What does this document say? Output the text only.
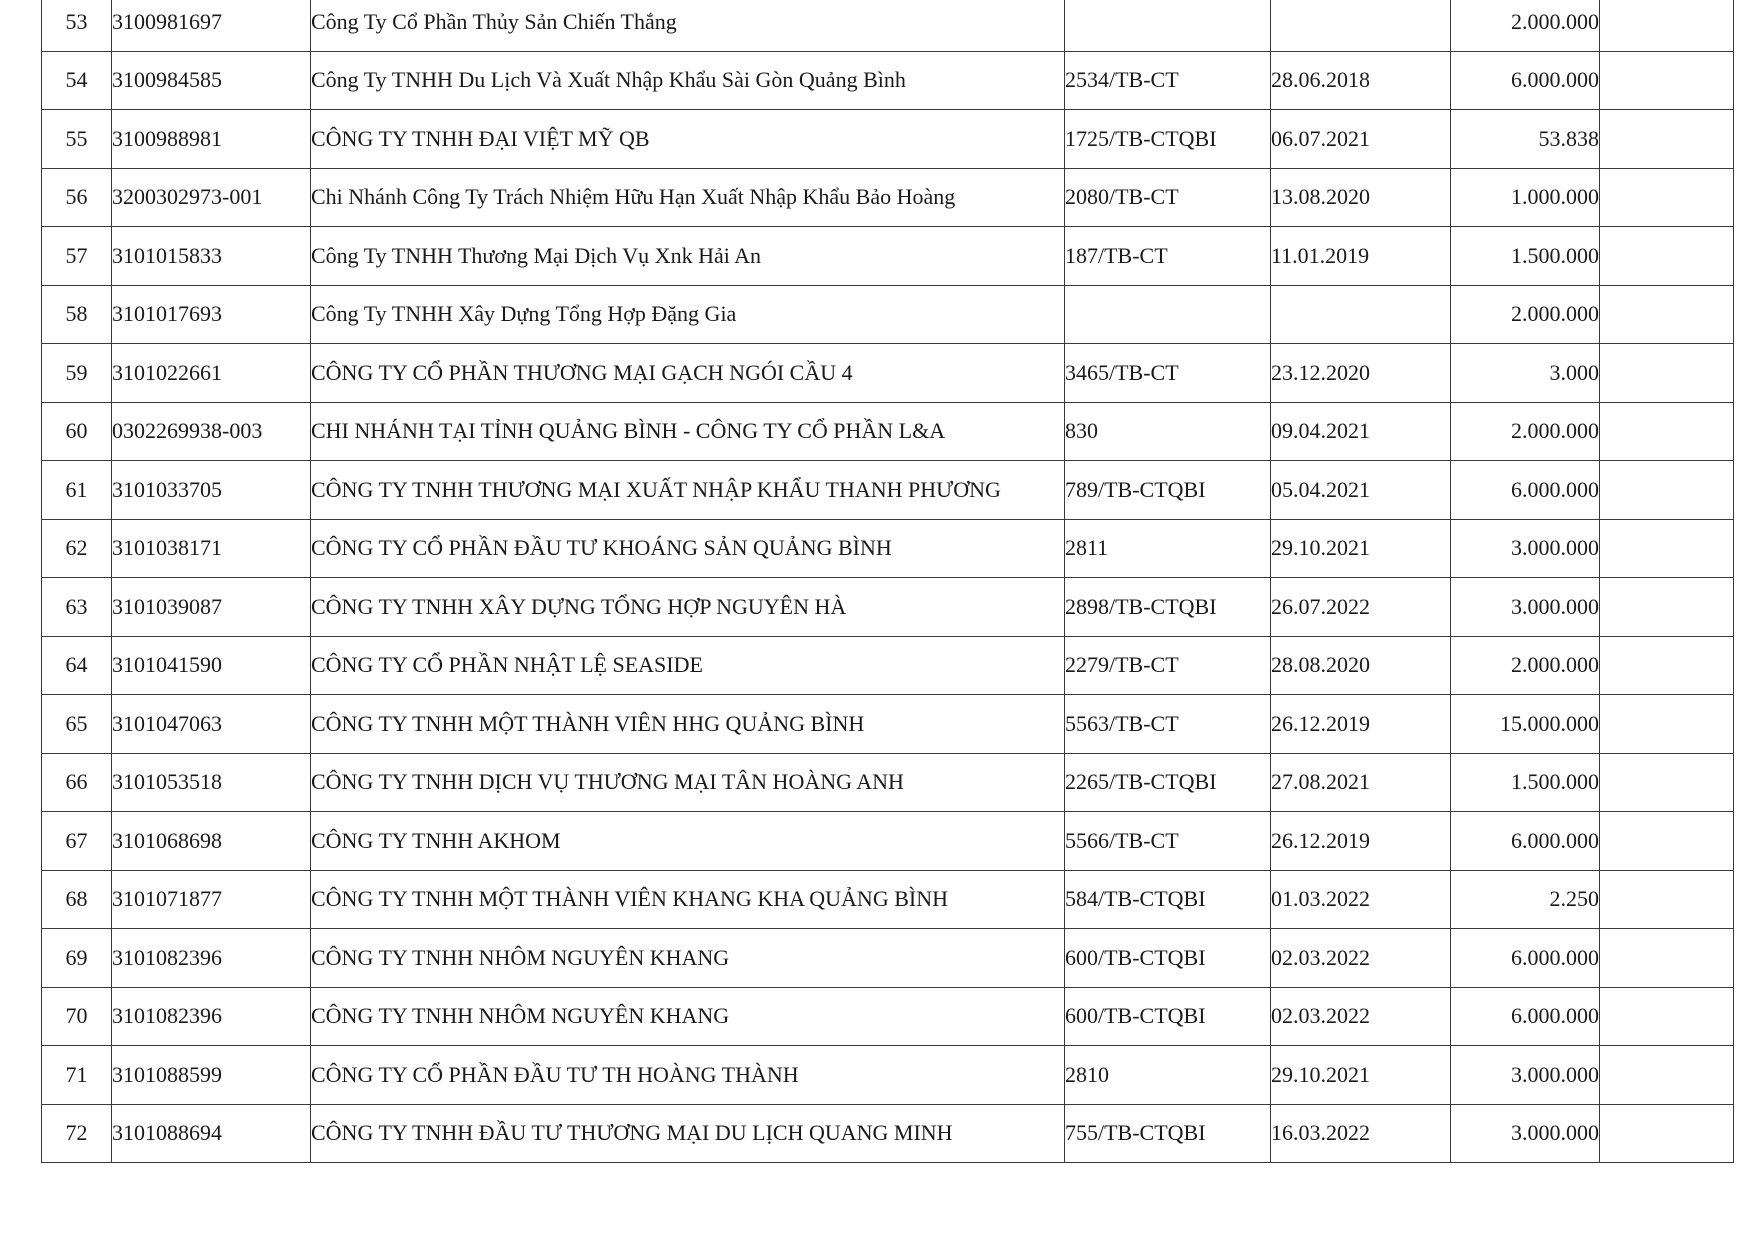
53	3100981697	Công Ty Cổ Phần Thủy Sản Chiến Thắng			2.000.000	
54	3100984585	Công Ty TNHH Du Lịch Và Xuất Nhập Khẩu Sài Gòn Quảng Bình	2534/TB-CT	28.06.2018	6.000.000	
55	3100988981	CÔNG TY TNHH ĐẠI VIỆT MỸ QB	1725/TB-CTQBI	06.07.2021	53.838	
56	3200302973-001	Chi Nhánh Công Ty Trách Nhiệm Hữu Hạn Xuất Nhập Khẩu Bảo Hoàng	2080/TB-CT	13.08.2020	1.000.000	
57	3101015833	Công Ty TNHH Thương Mại Dịch Vụ Xnk Hải An	187/TB-CT	11.01.2019	1.500.000	
58	3101017693	Công Ty TNHH Xây Dựng Tổng Hợp Đặng Gia			2.000.000	
59	3101022661	CÔNG TY CỔ PHẦN THƯƠNG MẠI GẠCH NGÓI CẦU 4	3465/TB-CT	23.12.2020	3.000	
60	0302269938-003	CHI NHÁNH TẠI TỈNH QUẢNG BÌNH - CÔNG TY CỔ PHẦN L&A	830	09.04.2021	2.000.000	
61	3101033705	CÔNG TY TNHH THƯƠNG MẠI XUẤT NHẬP KHẨU THANH PHƯƠNG	789/TB-CTQBI	05.04.2021	6.000.000	
62	3101038171	CÔNG TY CỔ PHẦN ĐẦU TƯ KHOÁNG SẢN QUẢNG BÌNH	2811	29.10.2021	3.000.000	
63	3101039087	CÔNG TY TNHH XÂY DỰNG TỔNG HỢP NGUYÊN HÀ	2898/TB-CTQBI	26.07.2022	3.000.000	
64	3101041590	CÔNG TY CỔ PHẦN NHẬT LỆ SEASIDE	2279/TB-CT	28.08.2020	2.000.000	
65	3101047063	CÔNG TY TNHH MỘT THÀNH VIÊN HHG QUẢNG BÌNH	5563/TB-CT	26.12.2019	15.000.000	
66	3101053518	CÔNG TY TNHH DỊCH VỤ THƯƠNG MẠI TÂN HOÀNG ANH	2265/TB-CTQBI	27.08.2021	1.500.000	
67	3101068698	CÔNG TY TNHH AKHOM	5566/TB-CT	26.12.2019	6.000.000	
68	3101071877	CÔNG TY TNHH MỘT THÀNH VIÊN KHANG KHA QUẢNG BÌNH	584/TB-CTQBI	01.03.2022	2.250	
69	3101082396	CÔNG TY TNHH NHÔM NGUYÊN KHANG	600/TB-CTQBI	02.03.2022	6.000.000	
70	3101082396	CÔNG TY TNHH NHÔM NGUYÊN KHANG	600/TB-CTQBI	02.03.2022	6.000.000	
71	3101088599	CÔNG TY CỔ PHẦN ĐẦU TƯ TH HOÀNG THÀNH	2810	29.10.2021	3.000.000	
72	3101088694	CÔNG TY TNHH ĐẦU TƯ THƯƠNG MẠI DU LỊCH QUANG MINH	755/TB-CTQBI	16.03.2022	3.000.000	
